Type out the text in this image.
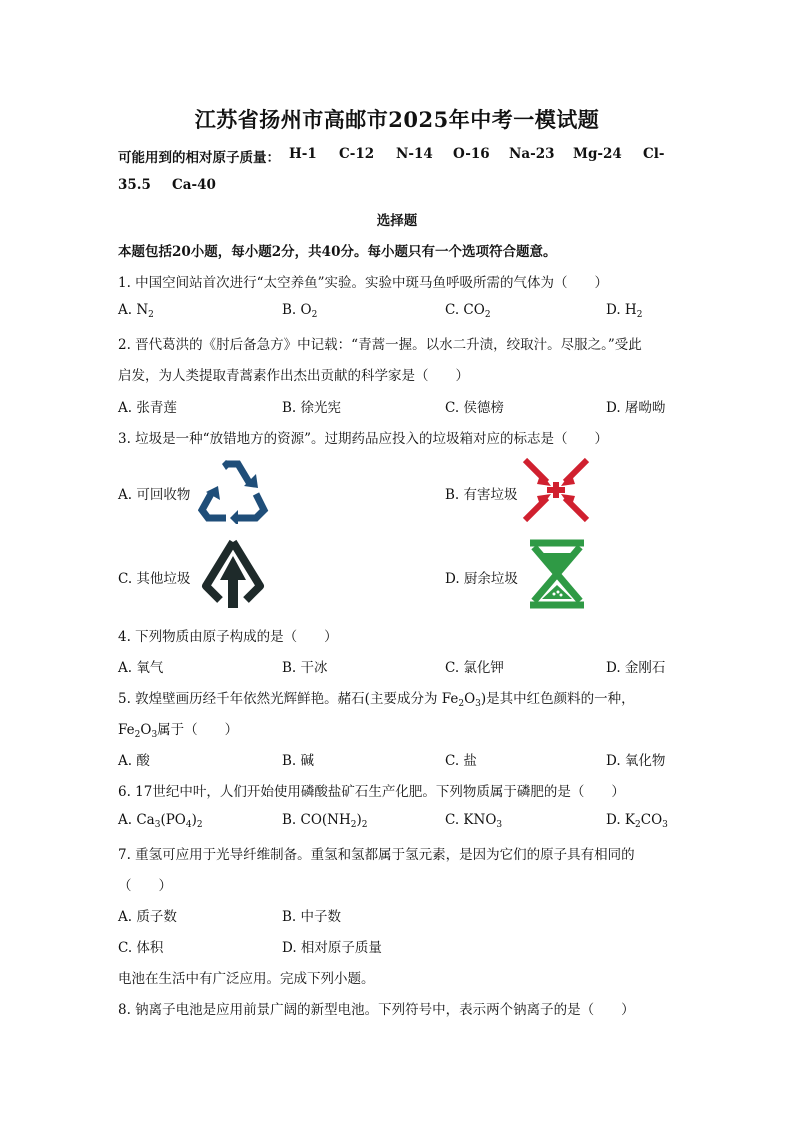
江苏省扬州市高邮市2025年中考一模试题
可能用到的相对原子质量： H-1 C-12 N-14 O-16 Na-23 Mg-24 Cl-
35.5 Ca-40
选择题
本题包括20小题，每小题2分，共40分。每小题只有一个选项符合题意。
1. 中国空间站首次进行“太空养鱼”实验。实验中斑马鱼呼吸所需的气体为（　　）
A. $N_2$	B. $O_2$	C. $CO_2$	D. $H_2$
2. 晋代葛洪的《肘后备急方》中记载：“青蒿一握。以水二升渍，绞取汁。尽服之。”受此
启发，为人类提取青蒿素作出杰出贡献的科学家是（　　）
A. 张青莲	B. 徐光宪	C. 侯德榜	D. 屠呦呦
3. 垃圾是一种“放错地方的资源”。过期药品应投入的垃圾箱对应的标志是（　　）
A. 可回收物	B. 有害垃圾
C. 其他垃圾	D. 厨余垃圾
4. 下列物质由原子构成的是（　　）
A. 氧气	B. 干冰	C. 氯化钾	D. 金刚石
5. 敦煌壁画历经千年依然光辉鲜艳。赭石(主要成分为 $Fe_2O_3$)是其中红色颜料的一种，
$Fe_2O_3$属于（　　）
A. 酸	B. 碱	C. 盐	D. 氧化物
6. 17世纪中叶，人们开始使用磷酸盐矿石生产化肥。下列物质属于磷肥的是（　　）
A. $Ca_3(PO_4)_2$	B. $CO(NH_2)_2$	C. $KNO_3$	D. $K_2CO_3$
7. 重氢可应用于光导纤维制备。重氢和氢都属于氢元素，是因为它们的原子具有相同的
（　　）
A. 质子数	B. 中子数
C. 体积	D. 相对原子质量
电池在生活中有广泛应用。完成下列小题。
8. 钠离子电池是应用前景广阔的新型电池。下列符号中，表示两个钠离子的是（　　）
